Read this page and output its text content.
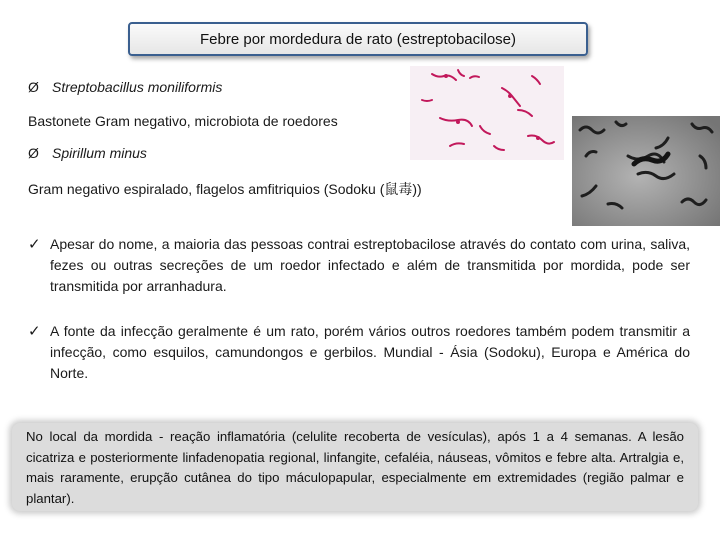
Febre por mordedura de rato (estreptobacilose)
Ø Streptobacillus moniliformis
Bastonete Gram negativo, microbiota de roedores
Ø Spirillum minus
Gram negativo espiralado, flagelos amfitriquios (Sodoku (鼠毒))
✓ Apesar do nome, a maioria das pessoas contrai estreptobacilose através do contato com urina, saliva, fezes ou outras secreções de um roedor infectado e além de transmitida por mordida, pode ser transmitida por arranhadura.
✓ A fonte da infecção geralmente é um rato, porém vários outros roedores também podem transmitir a infecção, como esquilos, camundongos e gerbilos. Mundial - Ásia (Sodoku), Europa e América do Norte.
No local da mordida - reação inflamatória (celulite recoberta de vesículas), após 1 a 4 semanas. A lesão cicatriza e posteriormente linfadenopatia regional, linfangite, cefaléia, náuseas, vômitos e febre alta. Artralgia e, mais raramente, erupção cutânea do tipo máculopapular, especialmente em extremidades (região palmar e plantar).
